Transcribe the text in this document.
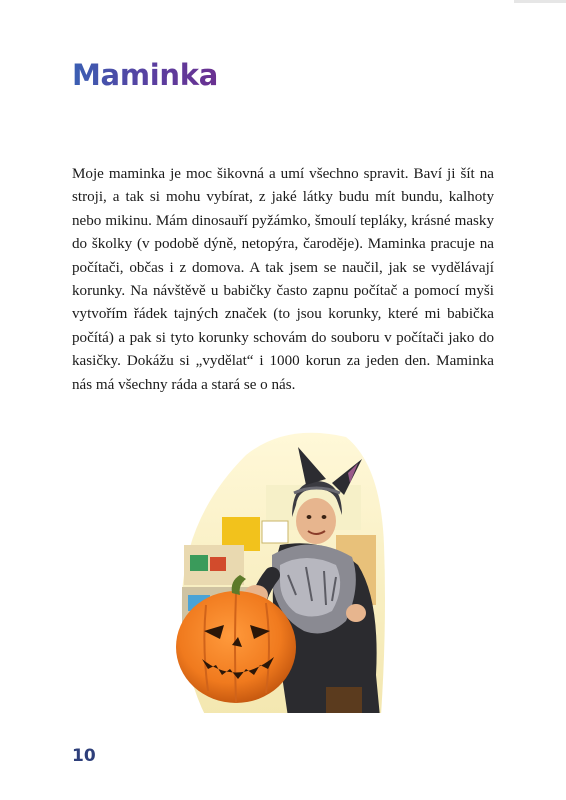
Maminka

Moje maminka je moc šikovná a umí všechno spravit. Baví ji šít na stroji, a tak si mohu vybírat, z jaké látky budu mít bundu, kalhoty nebo mikinu. Mám dinosauří pyžámko, šmoulí tepláky, krásné masky do školky (v podobě dýně, netopýra, čaroděje). Maminka pracuje na počítači, občas i z domova. A tak jsem se naučil, jak se vydělávají korunky. Na návštěvě u babičky často zapnu počítač a pomocí myši vytvořím řádek tajných značek (to jsou korunky, které mi babička počítá) a pak si tyto korunky schovám do souboru v počítači jako do kasičky. Dokážu si „vydělat“ i 1000 korun za jeden den. Maminka nás má všechny ráda a stará se o nás.

10
